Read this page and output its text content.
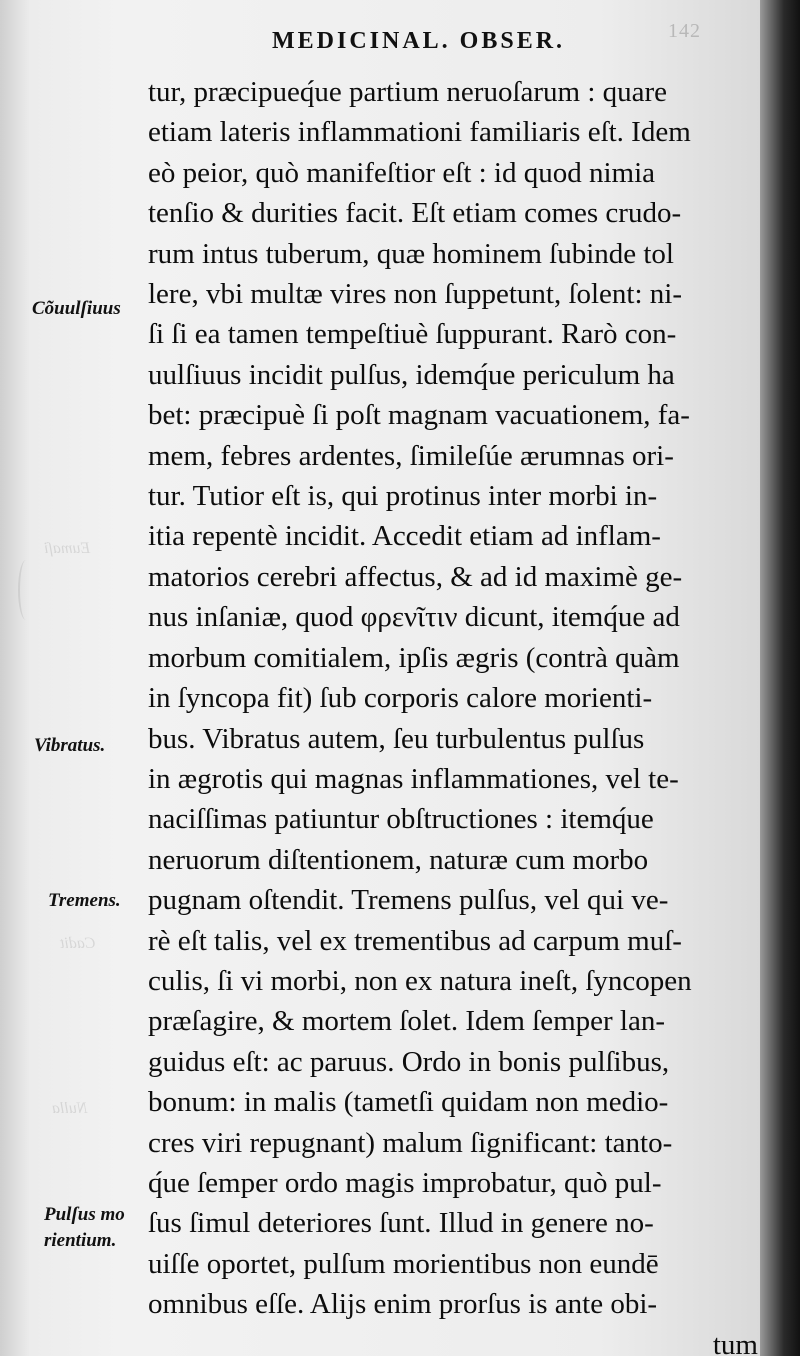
Eumaſi
Cadit
Nulla
MEDICINAL. OBSER.	142
Cõuulſiuus
Vibratus.
Tremens.
Pulſus mo
rientium.
tur, præcipueq́ue partium neruoſarum : quare
etiam lateris inflammationi familiaris eſt. Idem
eò peior, quò manifeſtior eſt : id quod nimia
tenſio & durities facit. Eſt etiam comes crudo-
rum intus tuberum, quæ hominem ſubinde tol
lere, vbi multæ vires non ſuppetunt, ſolent: ni-
ſi ſi ea tamen tempeſtiuè ſuppurant. Rarò con-
uulſiuus incidit pulſus, idemq́ue periculum ha
bet: præcipuè ſi poſt magnam vacuationem, fa-
mem, febres ardentes, ſimileſúe ærumnas ori-
tur. Tutior eſt is, qui protinus inter morbi in-
itia repentè incidit. Accedit etiam ad inflam-
matorios cerebri affectus, & ad id maximè ge-
nus inſaniæ, quod φρενῖτιν dicunt, itemq́ue ad
morbum comitialem, ipſis ægris (contrà quàm
in ſyncopa fit) ſub corporis calore morienti-
bus. Vibratus autem, ſeu turbulentus pulſus
in ægrotis qui magnas inflammationes, vel te-
naciſſimas patiuntur obſtructiones : itemq́ue
neruorum diſtentionem, naturæ cum morbo
pugnam oſtendit. Tremens pulſus, vel qui ve-
rè eſt talis, vel ex trementibus ad carpum muſ-
culis, ſi vi morbi, non ex natura ineſt, ſyncopen
præſagire, & mortem ſolet. Idem ſemper lan-
guidus eſt: ac paruus. Ordo in bonis pulſibus,
bonum: in malis (tametſi quidam non medio-
cres viri repugnant) malum ſignificant: tanto-
q́ue ſemper ordo magis improbatur, quò pul-
ſus ſimul deteriores ſunt. Illud in genere no-
uiſſe oportet, pulſum morientibus non eundē
omnibus eſſe. Alijs enim prorſus is ante obi-
tum
